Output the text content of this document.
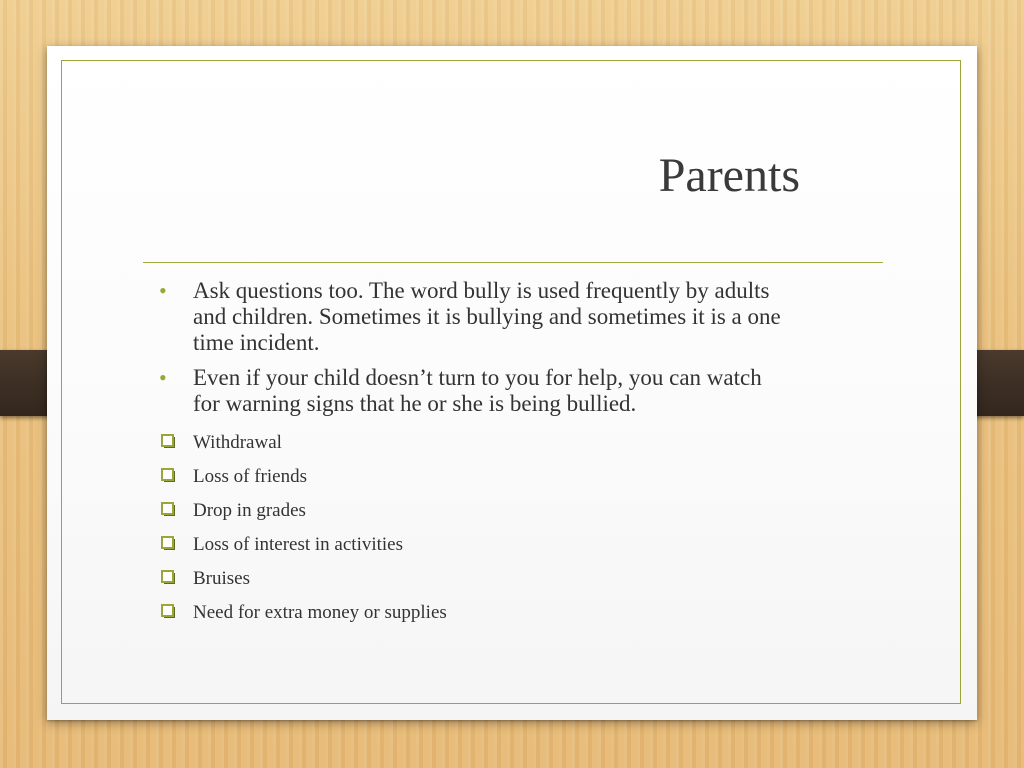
Parents
• Ask questions too. The word bully is used frequently by adults and children. Sometimes it is bullying and sometimes it is a one time incident.
• Even if your child doesn’t turn to you for help, you can watch for warning signs that he or she is being bullied.
Withdrawal
Loss of friends
Drop in grades
Loss of interest in activities
Bruises
Need for extra money or supplies
